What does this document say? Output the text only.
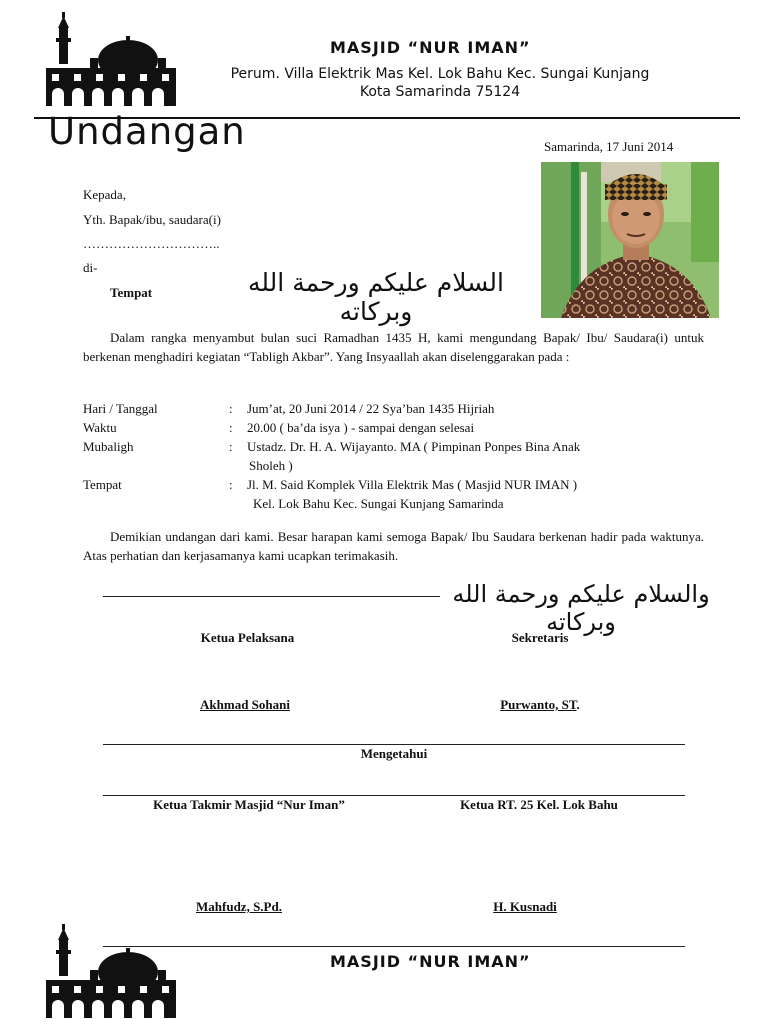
MASJID “NUR IMAN”
Perum. Villa Elektrik Mas Kel. Lok Bahu Kec. Sungai Kunjang
Kota Samarinda 75124
Undangan	Samarinda, 17 Juni 2014
Kepada,
Yth. Bapak/ibu, saudara(i)
…………………………..
di-
Tempat	السلام عليكم ورحمة الله وبركاته
Dalam rangka menyambut bulan suci Ramadhan 1435 H, kami mengundang Bapak/ Ibu/ Saudara(i) untuk berkenan menghadiri kegiatan “Tabligh Akbar”. Yang Insyaallah akan diselenggarakan pada :
Hari / Tanggal	: Jum’at, 20 Juni 2014 / 22 Sya’ban 1435 Hijriah
Waktu	: 20.00 ( ba’da isya ) - sampai dengan selesai
Mubaligh	: Ustadz. Dr. H. A. Wijayanto. MA ( Pimpinan Ponpes Bina Anak
Sholeh )
Tempat	: Jl. M. Said Komplek Villa Elektrik Mas ( Masjid NUR IMAN )
Kel. Lok Bahu Kec. Sungai Kunjang Samarinda
Demikian undangan dari kami. Besar harapan kami semoga Bapak/ Ibu Saudara berkenan hadir pada waktunya. Atas perhatian dan kerjasamanya kami ucapkan terimakasih.
والسلام عليكم ورحمة الله وبركاته
Ketua Pelaksana	Sekretaris
Akhmad Sohani	Purwanto, ST.
Mengetahui
Ketua Takmir Masjid “Nur Iman”	Ketua RT. 25 Kel. Lok Bahu
Mahfudz, S.Pd.	H. Kusnadi
MASJID “NUR IMAN”
